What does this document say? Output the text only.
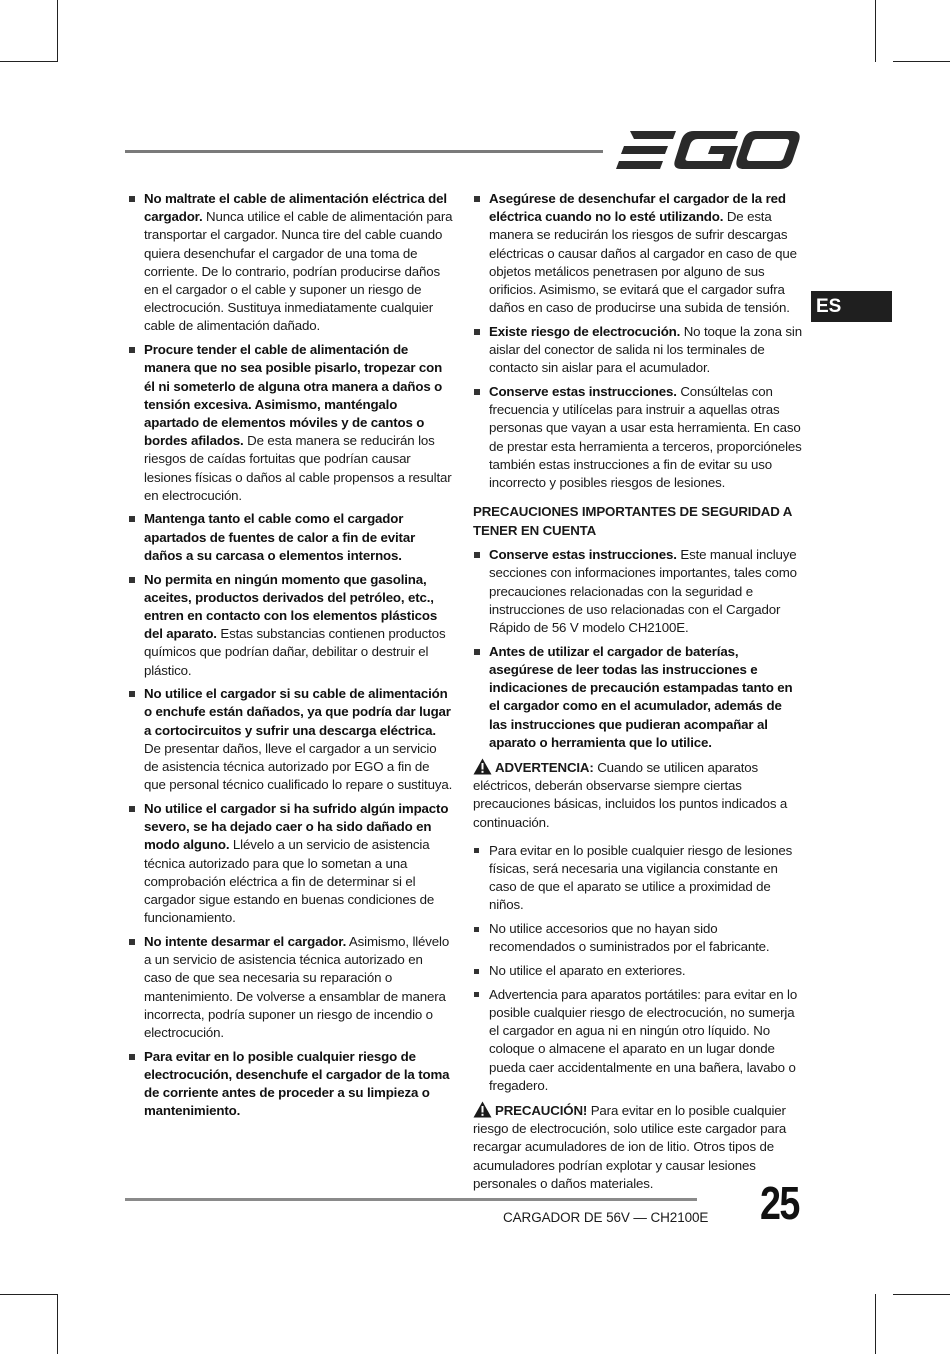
ES
No maltrate el cable de alimentación eléctrica del cargador. Nunca utilice el cable de alimentación para transportar el cargador. Nunca tire del cable cuando quiera desenchufar el cargador de una toma de corriente. De lo contrario, podrían producirse daños en el cargador o el cable y suponer un riesgo de electrocución. Sustituya inmediatamente cualquier cable de alimentación dañado.
Procure tender el cable de alimentación de manera que no sea posible pisarlo, tropezar con él ni someterlo de alguna otra manera a daños o tensión excesiva. Asimismo, manténgalo apartado de elementos móviles y de cantos o bordes afilados. De esta manera se reducirán los riesgos de caídas fortuitas que podrían causar lesiones físicas o daños al cable propensos a resultar en electrocución.
Mantenga tanto el cable como el cargador apartados de fuentes de calor a fin de evitar daños a su carcasa o elementos internos.
No permita en ningún momento que gasolina, aceites, productos derivados del petróleo, etc., entren en contacto con los elementos plásticos del aparato. Estas substancias contienen productos químicos que podrían dañar, debilitar o destruir el plástico.
No utilice el cargador si su cable de alimentación o enchufe están dañados, ya que podría dar lugar a cortocircuitos y sufrir una descarga eléctrica. De presentar daños, lleve el cargador a un servicio de asistencia técnica autorizado por EGO a fin de que personal técnico cualificado lo repare o sustituya.
No utilice el cargador si ha sufrido algún impacto severo, se ha dejado caer o ha sido dañado en modo alguno. Llévelo a un servicio de asistencia técnica autorizado para que lo sometan a una comprobación eléctrica a fin de determinar si el cargador sigue estando en buenas condiciones de funcionamiento.
No intente desarmar el cargador. Asimismo, llévelo a un servicio de asistencia técnica autorizado en caso de que sea necesaria su reparación o mantenimiento. De volverse a ensamblar de manera incorrecta, podría suponer un riesgo de incendio o electrocución.
Para evitar en lo posible cualquier riesgo de electrocución, desenchufe el cargador de la toma de corriente antes de proceder a su limpieza o mantenimiento.
Asegúrese de desenchufar el cargador de la red eléctrica cuando no lo esté utilizando. De esta manera se reducirán los riesgos de sufrir descargas eléctricas o causar daños al cargador en caso de que objetos metálicos penetrasen por alguno de sus orificios. Asimismo, se evitará que el cargador sufra daños en caso de producirse una subida de tensión.
Existe riesgo de electrocución. No toque la zona sin aislar del conector de salida ni los terminales de contacto sin aislar para el acumulador.
Conserve estas instrucciones. Consúltelas con frecuencia y utilícelas para instruir a aquellas otras personas que vayan a usar esta herramienta. En caso de prestar esta herramienta a terceros, proporcióneles también estas instrucciones a fin de evitar su uso incorrecto y posibles riesgos de lesiones.
PRECAUCIONES IMPORTANTES DE SEGURIDAD A TENER EN CUENTA
Conserve estas instrucciones. Este manual incluye secciones con informaciones importantes, tales como precauciones relacionadas con la seguridad e instrucciones de uso relacionadas con el Cargador Rápido de 56 V modelo CH2100E.
Antes de utilizar el cargador de baterías, asegúrese de leer todas las instrucciones e indicaciones de precaución estampadas tanto en el cargador como en el acumulador, además de las instrucciones que pudieran acompañar al aparato o herramienta que lo utilice.
ADVERTENCIA: Cuando se utilicen aparatos eléctricos, deberán observarse siempre ciertas precauciones básicas, incluidos los puntos indicados a continuación.
Para evitar en lo posible cualquier riesgo de lesiones físicas, será necesaria una vigilancia constante en caso de que el aparato se utilice a proximidad de niños.
No utilice accesorios que no hayan sido recomendados o suministrados por el fabricante.
No utilice el aparato en exteriores.
Advertencia para aparatos portátiles: para evitar en lo posible cualquier riesgo de electrocución, no sumerja el cargador en agua ni en ningún otro líquido. No coloque o almacene el aparato en un lugar donde pueda caer accidentalmente en una bañera, lavabo o fregadero.
PRECAUCIÓN! Para evitar en lo posible cualquier riesgo de electrocución, solo utilice este cargador para recargar acumuladores de ion de litio. Otros tipos de acumuladores podrían explotar y causar lesiones personales o daños materiales.
CARGADOR DE 56V — CH2100E 25
